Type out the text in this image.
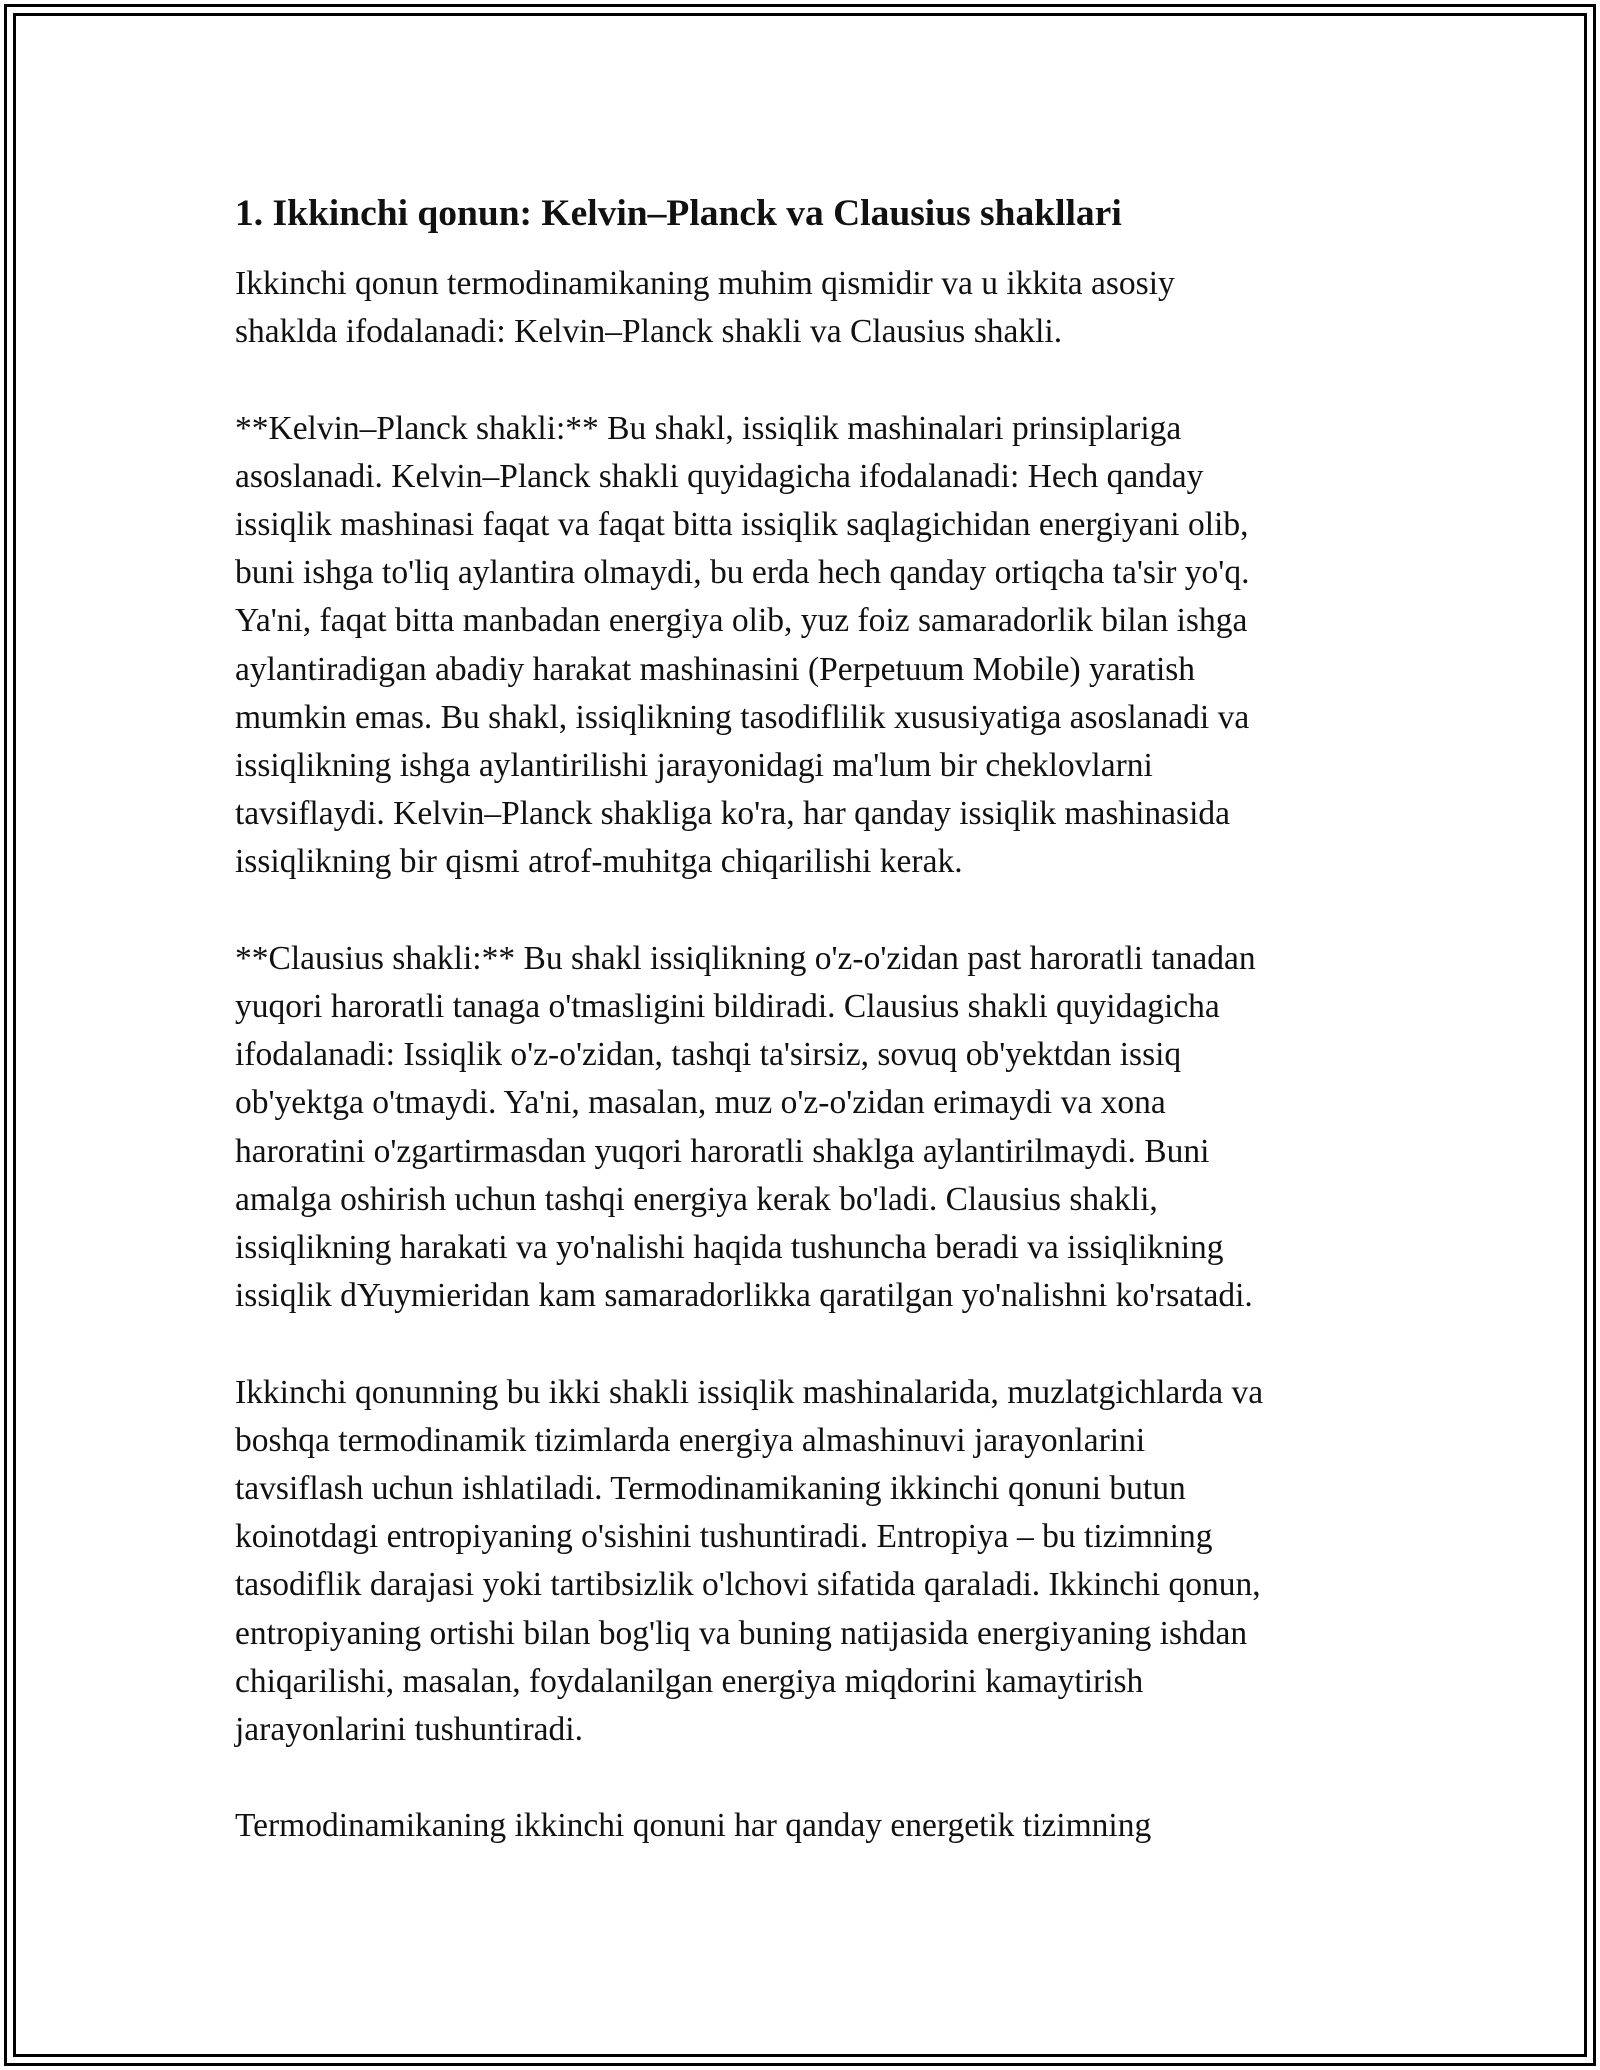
1. Ikkinchi qonun: Kelvin–Planck va Clausius shakllari

Ikkinchi qonun termodinamikaning muhim qismidir va u ikkita asosiy
shaklda ifodalanadi: Kelvin–Planck shakli va Clausius shakli.

**Kelvin–Planck shakli:** Bu shakl, issiqlik mashinalari prinsiplariga
asoslanadi. Kelvin–Planck shakli quyidagicha ifodalanadi: Hech qanday
issiqlik mashinasi faqat va faqat bitta issiqlik saqlagichidan energiyani olib,
buni ishga to'liq aylantira olmaydi, bu erda hech qanday ortiqcha ta'sir yo'q.
Ya'ni, faqat bitta manbadan energiya olib, yuz foiz samaradorlik bilan ishga
aylantiradigan abadiy harakat mashinasini (Perpetuum Mobile) yaratish
mumkin emas. Bu shakl, issiqlikning tasodiflilik xususiyatiga asoslanadi va
issiqlikning ishga aylantirilishi jarayonidagi ma'lum bir cheklovlarni
tavsiflaydi. Kelvin–Planck shakliga ko'ra, har qanday issiqlik mashinasida
issiqlikning bir qismi atrof-muhitga chiqarilishi kerak.

**Clausius shakli:** Bu shakl issiqlikning o'z-o'zidan past haroratli tanadan
yuqori haroratli tanaga o'tmasligini bildiradi. Clausius shakli quyidagicha
ifodalanadi: Issiqlik o'z-o'zidan, tashqi ta'sirsiz, sovuq ob'yektdan issiq
ob'yektga o'tmaydi. Ya'ni, masalan, muz o'z-o'zidan erimaydi va xona
haroratini o'zgartirmasdan yuqori haroratli shaklga aylantirilmaydi. Buni
amalga oshirish uchun tashqi energiya kerak bo'ladi. Clausius shakli,
issiqlikning harakati va yo'nalishi haqida tushuncha beradi va issiqlikning
issiqlik dYuymieridan kam samaradorlikka qaratilgan yo'nalishni ko'rsatadi.

Ikkinchi qonunning bu ikki shakli issiqlik mashinalarida, muzlatgichlarda va
boshqa termodinamik tizimlarda energiya almashinuvi jarayonlarini
tavsiflash uchun ishlatiladi. Termodinamikaning ikkinchi qonuni butun
koinotdagi entropiyaning o'sishini tushuntiradi. Entropiya – bu tizimning
tasodiflik darajasi yoki tartibsizlik o'lchovi sifatida qaraladi. Ikkinchi qonun,
entropiyaning ortishi bilan bog'liq va buning natijasida energiyaning ishdan
chiqarilishi, masalan, foydalanilgan energiya miqdorini kamaytirish
jarayonlarini tushuntiradi.

Termodinamikaning ikkinchi qonuni har qanday energetik tizimning
